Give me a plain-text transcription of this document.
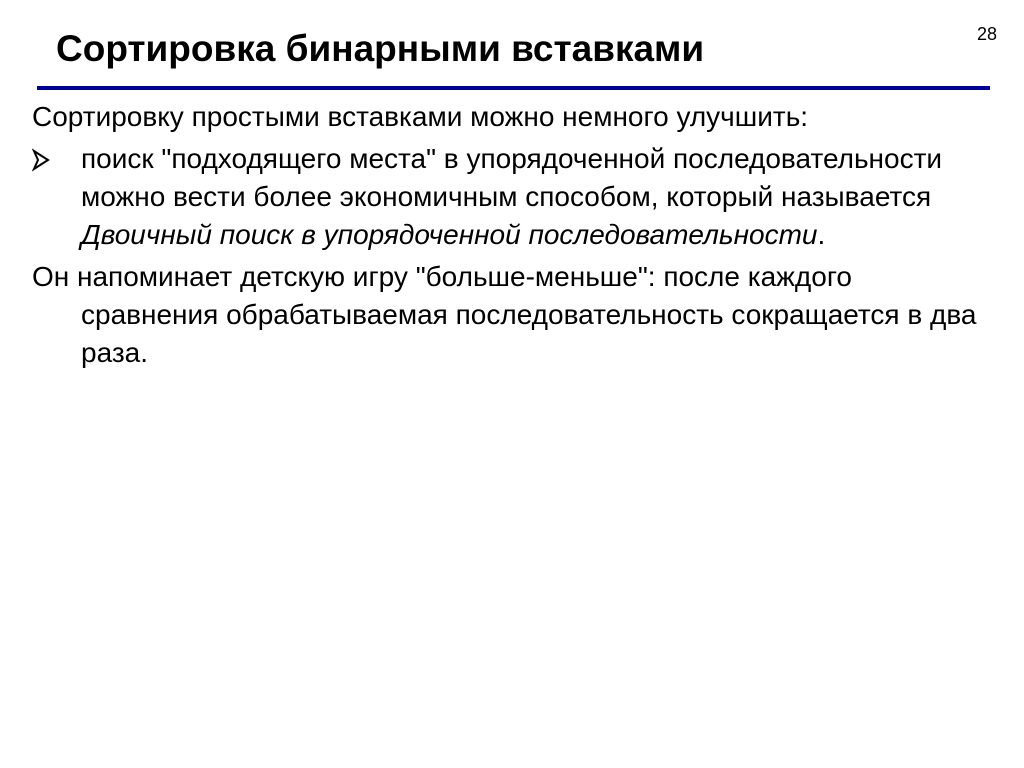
28
Сортировка бинарными вставками

Сортировку простыми вставками можно немного улучшить:

поиск "подходящего места" в упорядоченной последовательности можно вести более экономичным способом, который называется Двоичный поиск в упорядоченной последовательности.

Он напоминает детскую игру "больше-меньше": после каждого сравнения обрабатываемая последовательность сокращается в два раза.
